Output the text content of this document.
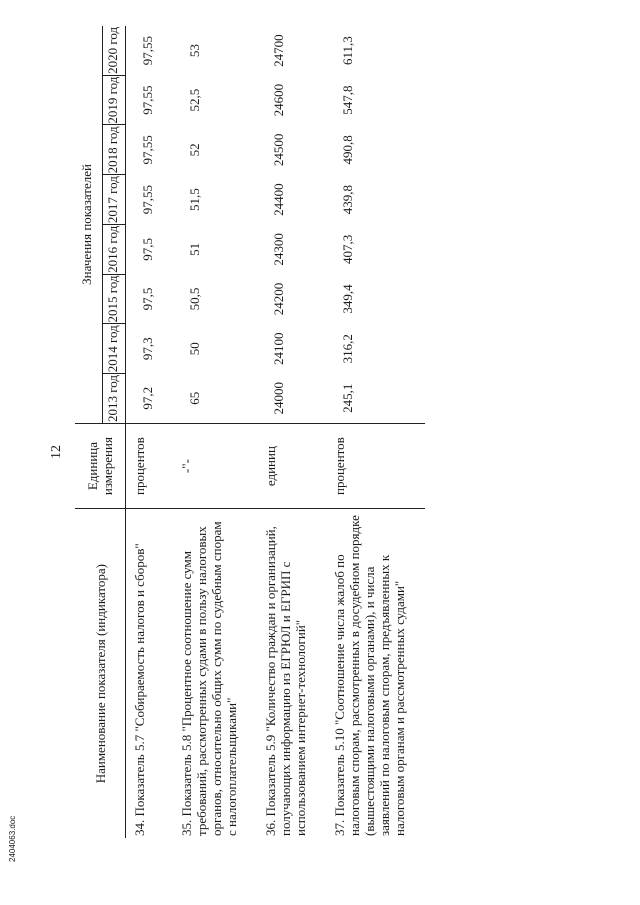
12
Наименование показателя (индикатора)	Единица измерения	Значения показателей							
		2013 год	2014 год	2015 год	2016 год	2017 год	2018 год	2019 год	2020 год
34. Показатель 5.7 "Собираемость налогов и сборов"	процентов	97,2	97,3	97,5	97,5	97,55	97,55	97,55	97,55
35. Показатель 5.8 "Процентное соотношение сумм требований, рассмотренных судами в пользу налоговых органов, относительно общих сумм по судебным спорам с налогоплательщиками"	-"-	65	50	50,5	51	51,5	52	52,5	53
36. Показатель 5.9 "Количество граждан и организаций, получающих информацию из ЕГРЮЛ и ЕГРИП с использованием интернет-технологий"	единиц	24000	24100	24200	24300	24400	24500	24600	24700
37. Показатель 5.10 "Соотношение числа жалоб по налоговым спорам, рассмотренных в досудебном порядке (вышестоящими налоговыми органами), и числа заявлений по налоговым спорам, предъявленных к налоговым органам и рассмотренных судами"	процентов	245,1	316,2	349,4	407,3	439,8	490,8	547,8	611,3
2404063.doc
